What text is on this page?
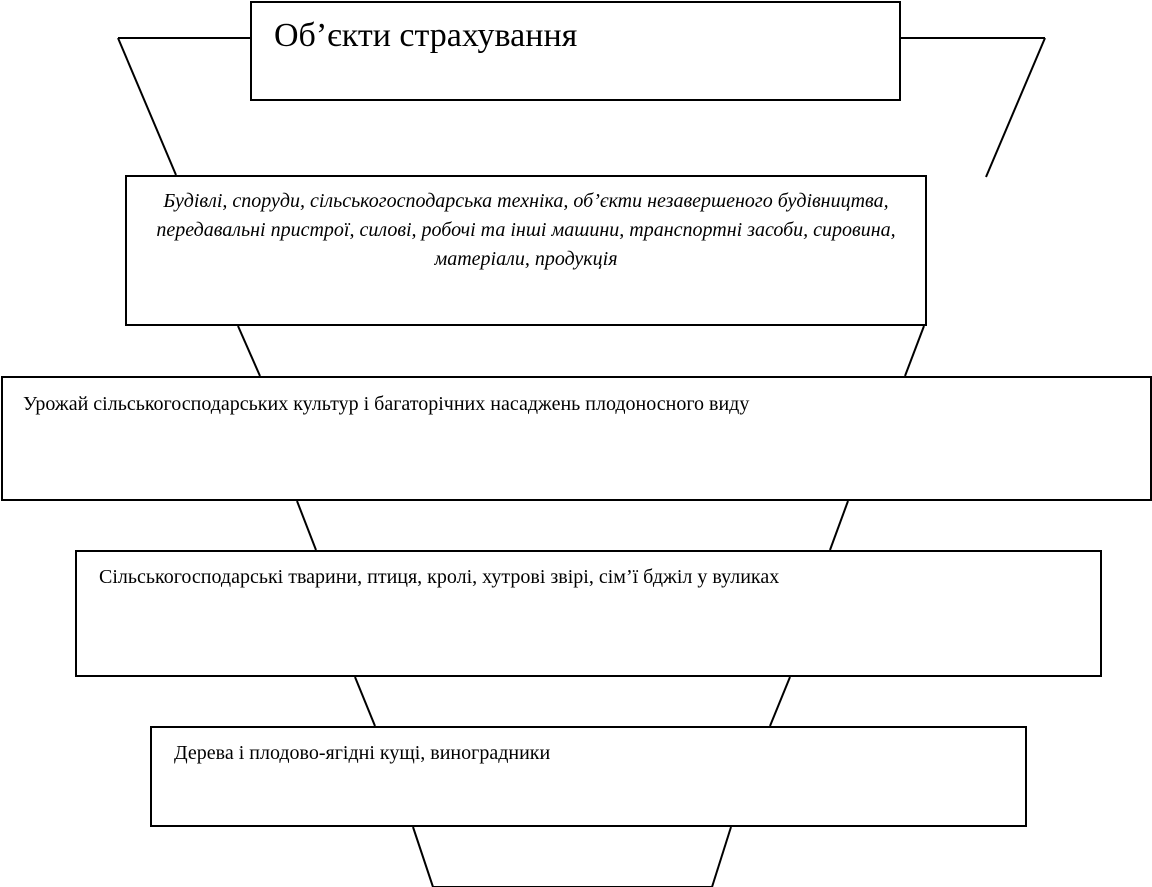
Об’єкти страхування
Будівлі, споруди, сільськогосподарська техніка, об’єкти незавершеного будівництва, передавальні пристрої, силові, робочі та інші машини, транспортні засоби, сировина, матеріали, продукція
Урожай сільськогосподарських культур і багаторічних насаджень плодоносного виду
Сільськогосподарські тварини, птиця, кролі, хутрові звірі, сім’ї бджіл у вуликах
Дерева і плодово-ягідні кущі, виноградники
